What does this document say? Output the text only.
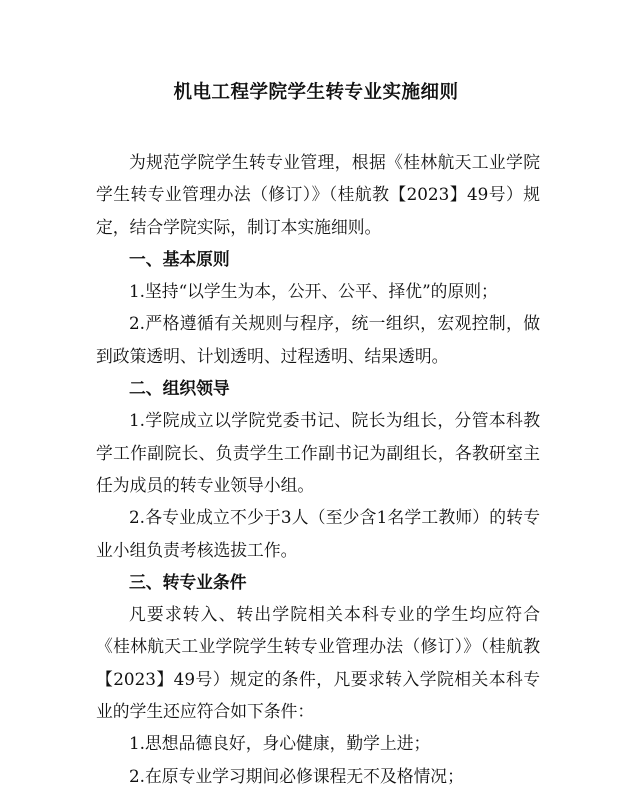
机电工程学院学生转专业实施细则

为规范学院学生转专业管理，根据《桂林航天工业学院学生转专业管理办法（修订）》（桂航教【2023】49号）规定，结合学院实际，制订本实施细则。

一、基本原则

1.坚持“以学生为本，公开、公平、择优”的原则；

2.严格遵循有关规则与程序，统一组织，宏观控制，做到政策透明、计划透明、过程透明、结果透明。

二、组织领导

1.学院成立以学院党委书记、院长为组长，分管本科教学工作副院长、负责学生工作副书记为副组长，各教研室主任为成员的转专业领导小组。

2.各专业成立不少于3人（至少含1名学工教师）的转专业小组负责考核选拔工作。

三、转专业条件

凡要求转入、转出学院相关本科专业的学生均应符合《桂林航天工业学院学生转专业管理办法（修订）》（桂航教【2023】49号）规定的条件，凡要求转入学院相关本科专业的学生还应符合如下条件：

1.思想品德良好，身心健康，勤学上进；

2.在原专业学习期间必修课程无不及格情况；
